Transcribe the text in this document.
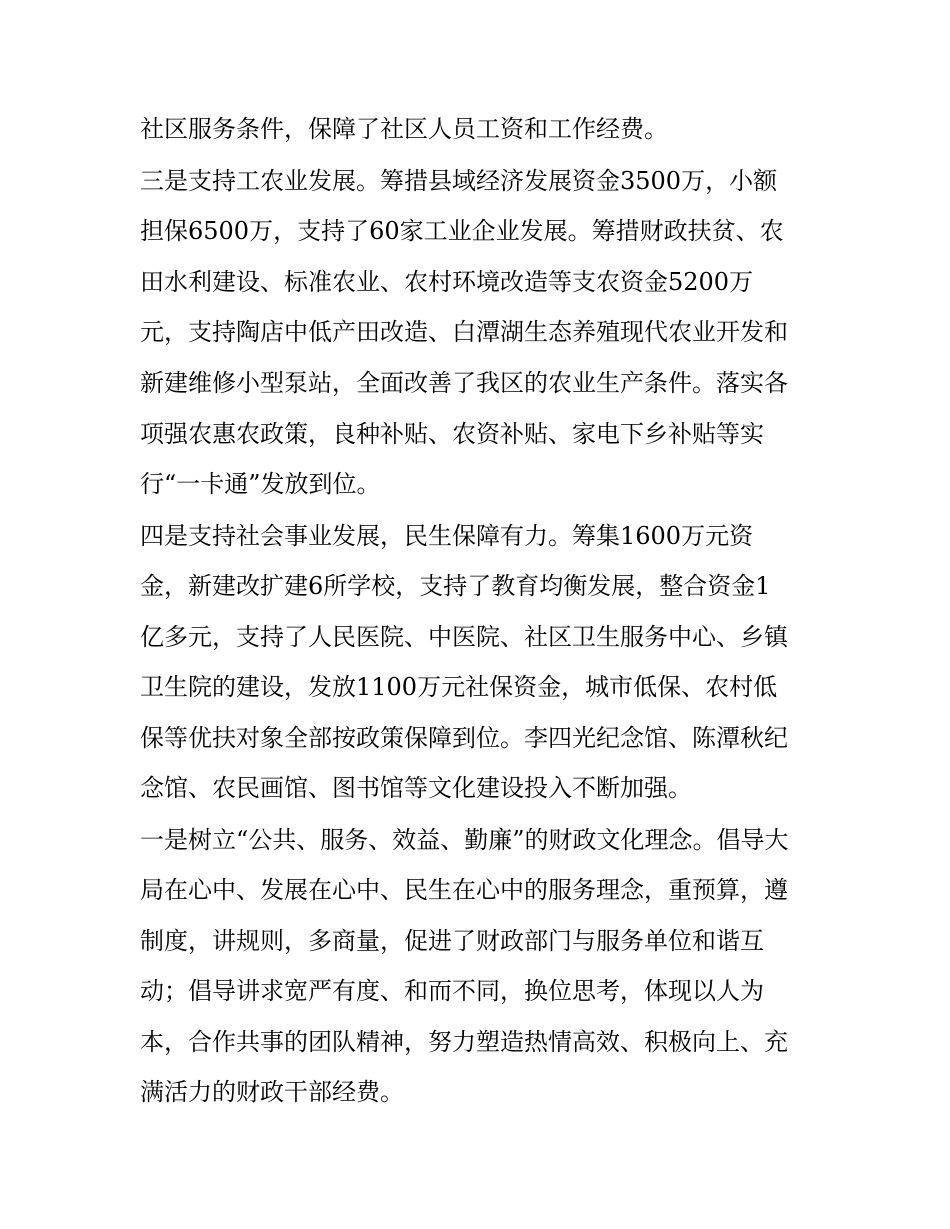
社区服务条件，保障了社区人员工资和工作经费。

三是支持工农业发展。筹措县域经济发展资金3500万，小额

担保6500万，支持了60家工业企业发展。筹措财政扶贫、农

田水利建设、标准农业、农村环境改造等支农资金5200万

元，支持陶店中低产田改造、白潭湖生态养殖现代农业开发和

新建维修小型泵站，全面改善了我区的农业生产条件。落实各

项强农惠农政策，良种补贴、农资补贴、家电下乡补贴等实

行“一卡通”发放到位。

四是支持社会事业发展，民生保障有力。筹集1600万元资

金，新建改扩建6所学校，支持了教育均衡发展，整合资金1

亿多元，支持了人民医院、中医院、社区卫生服务中心、乡镇

卫生院的建设，发放1100万元社保资金，城市低保、农村低

保等优扶对象全部按政策保障到位。李四光纪念馆、陈潭秋纪

念馆、农民画馆、图书馆等文化建设投入不断加强。

一是树立“公共、服务、效益、勤廉”的财政文化理念。倡导大

局在心中、发展在心中、民生在心中的服务理念，重预算，遵

制度，讲规则，多商量，促进了财政部门与服务单位和谐互

动；倡导讲求宽严有度、和而不同，换位思考，体现以人为

本，合作共事的团队精神，努力塑造热情高效、积极向上、充

满活力的财政干部经费。
